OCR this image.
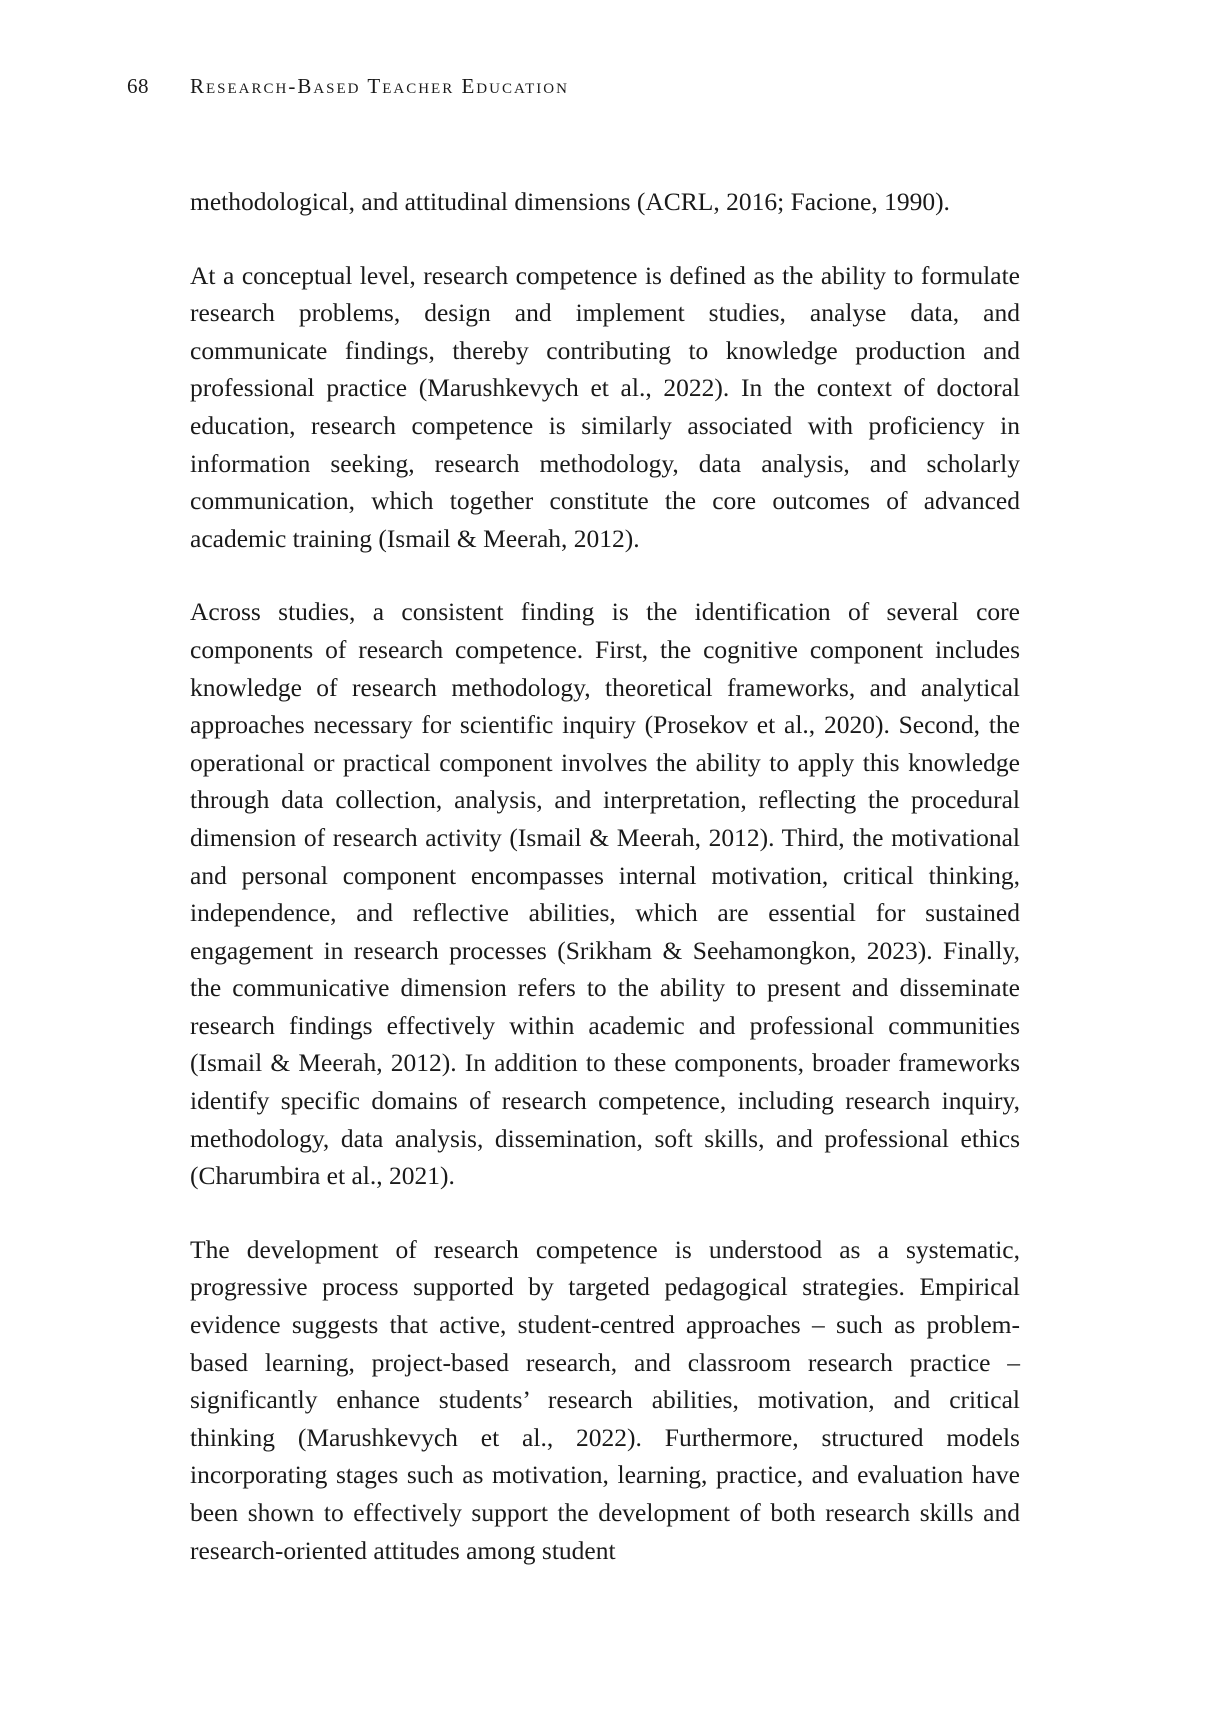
68 Research-Based Teacher Education

methodological, and attitudinal dimensions (ACRL, 2016; Facione, 1990).

At a conceptual level, research competence is defined as the ability to formulate research problems, design and implement studies, analyse data, and communicate findings, thereby contributing to knowledge production and professional practice (Marushkevych et al., 2022). In the context of doctoral education, research competence is similarly associated with proficiency in information seeking, research methodology, data analysis, and scholarly communication, which together constitute the core outcomes of advanced academic training (Ismail & Meerah, 2012).

Across studies, a consistent finding is the identification of several core components of research competence. First, the cognitive component includes knowledge of research methodology, theoretical frameworks, and analytical approaches necessary for scientific inquiry (Prosekov et al., 2020). Second, the operational or practical component involves the ability to apply this knowledge through data collection, analysis, and interpretation, reflecting the procedural dimension of research activity (Ismail & Meerah, 2012). Third, the motivational and personal component encompasses internal motivation, critical thinking, independence, and reflective abilities, which are essential for sustained engagement in research processes (Srikham & Seehamongkon, 2023). Finally, the communicative dimension refers to the ability to present and disseminate research findings effectively within academic and professional communities (Ismail & Meerah, 2012). In addition to these components, broader frameworks identify specific domains of research competence, including research inquiry, methodology, data analysis, dissemination, soft skills, and professional ethics (Charumbira et al., 2021).

The development of research competence is understood as a systematic, progressive process supported by targeted pedagogical strategies. Empirical evidence suggests that active, student-centred approaches – such as problem-based learning, project-based research, and classroom research practice – significantly enhance students’ research abilities, motivation, and critical thinking (Marushkevych et al., 2022). Furthermore, structured models incorporating stages such as motivation, learning, practice, and evaluation have been shown to effectively support the development of both research skills and research-oriented attitudes among student
